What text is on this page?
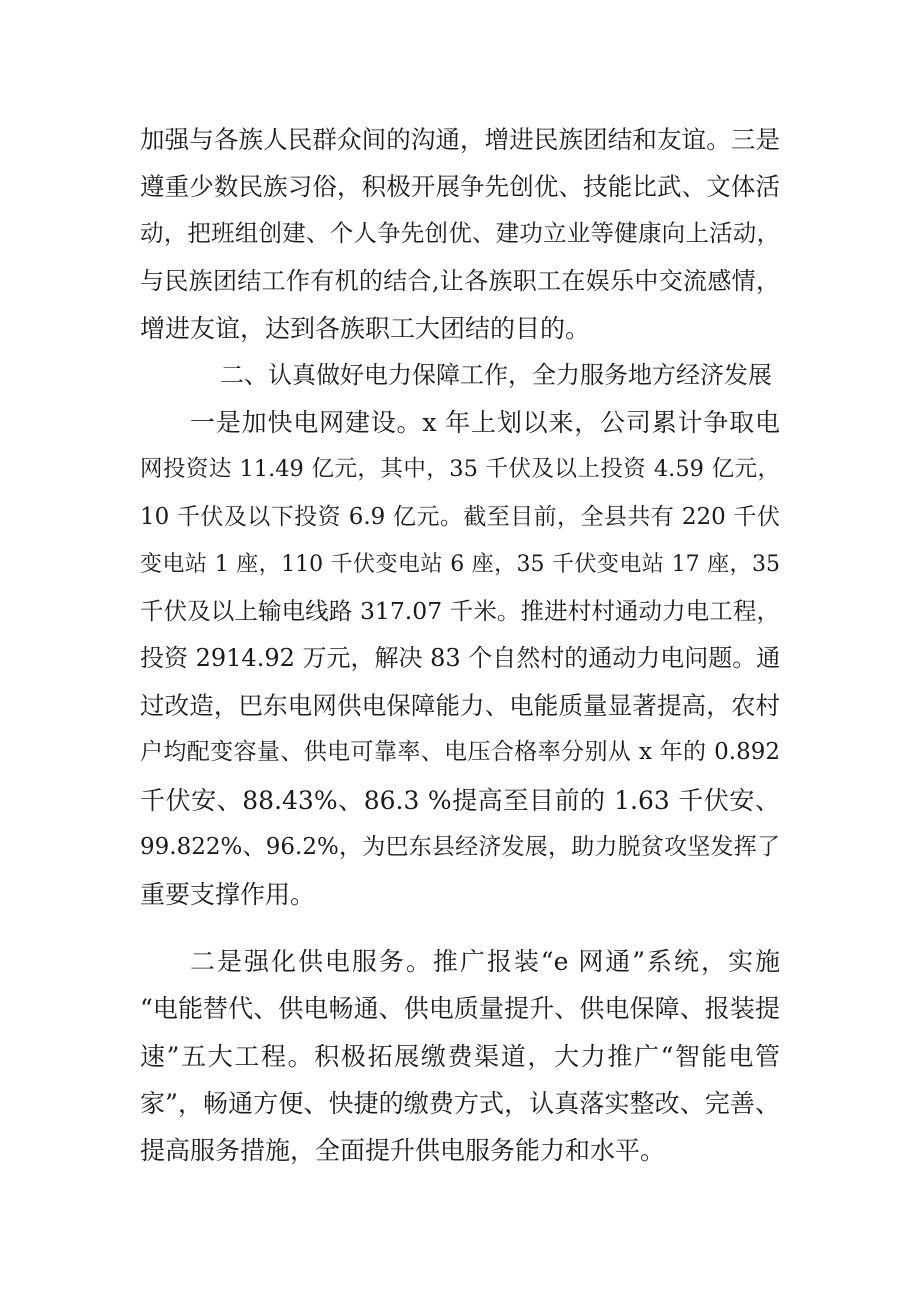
加强与各族人民群众间的沟通，增进民族团结和友谊。三是
遵重少数民族习俗，积极开展争先创优、技能比武、文体活
动，把班组创建、个人争先创优、建功立业等健康向上活动，
与民族团结工作有机的结合,让各族职工在娱乐中交流感情，
增进友谊，达到各族职工大团结的目的。
二、认真做好电力保障工作，全力服务地方经济发展
一是加快电网建设。x 年上划以来，公司累计争取电
网投资达 11.49 亿元，其中，35 千伏及以上投资 4.59 亿元，
10 千伏及以下投资 6.9 亿元。截至目前，全县共有 220 千伏
变电站 1 座，110 千伏变电站 6 座，35 千伏变电站 17 座，35
千伏及以上输电线路 317.07 千米。推进村村通动力电工程，
投资 2914.92 万元，解决 83 个自然村的通动力电问题。通
过改造，巴东电网供电保障能力、电能质量显著提高，农村
户均配变容量、供电可靠率、电压合格率分别从 x 年的 0.892
千伏安、88.43%、86.3 %提高至目前的 1.63 千伏安、
99.822%、96.2%，为巴东县经济发展，助力脱贫攻坚发挥了
重要支撑作用。
二是强化供电服务。推广报装“e 网通”系统，实施
“电能替代、供电畅通、供电质量提升、供电保障、报装提
速”五大工程。积极拓展缴费渠道，大力推广“智能电管
家”，畅通方便、快捷的缴费方式，认真落实整改、完善、
提高服务措施，全面提升供电服务能力和水平。
